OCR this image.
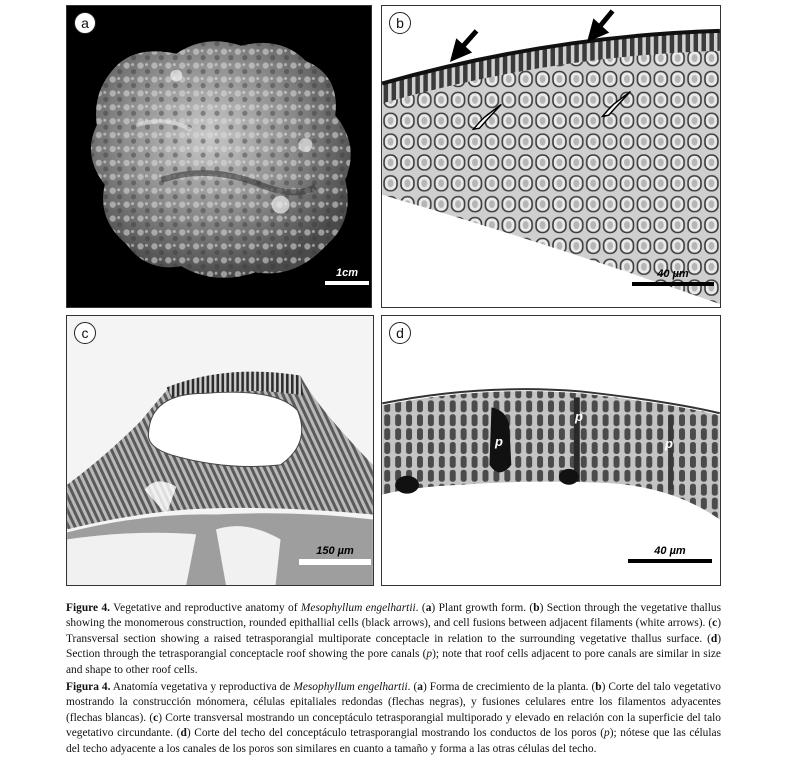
a
1cm
b
40 µm
c
150 µm
d
p
p
p
40 µm

Figure 4. Vegetative and reproductive anatomy of Mesophyllum engelhartii. (a) Plant growth form. (b) Section through the vegetative thallus showing the monomerous construction, rounded epithallial cells (black arrows), and cell fusions between adjacent filaments (white arrows). (c) Transversal section showing a raised tetrasporangial multiporate conceptacle in relation to the surrounding vegetative thallus surface. (d) Section through the tetrasporangial conceptacle roof showing the pore canals (p); note that roof cells adjacent to pore canals are similar in size and shape to other roof cells.

Figura 4. Anatomía vegetativa y reproductiva de Mesophyllum engelhartii. (a) Forma de crecimiento de la planta. (b) Corte del talo vegetativo mostrando la construcción mónomera, células epitaliales redondas (flechas negras), y fusiones celulares entre los filamentos adyacentes (flechas blancas). (c) Corte transversal mostrando un conceptáculo tetrasporangial multiporado y elevado en relación con la superficie del talo vegetativo circundante. (d) Corte del techo del conceptáculo tetrasporangial mostrando los conductos de los poros (p); nótese que las células del techo adyacente a los canales de los poros son similares en cuanto a tamaño y forma a las otras células del techo.
